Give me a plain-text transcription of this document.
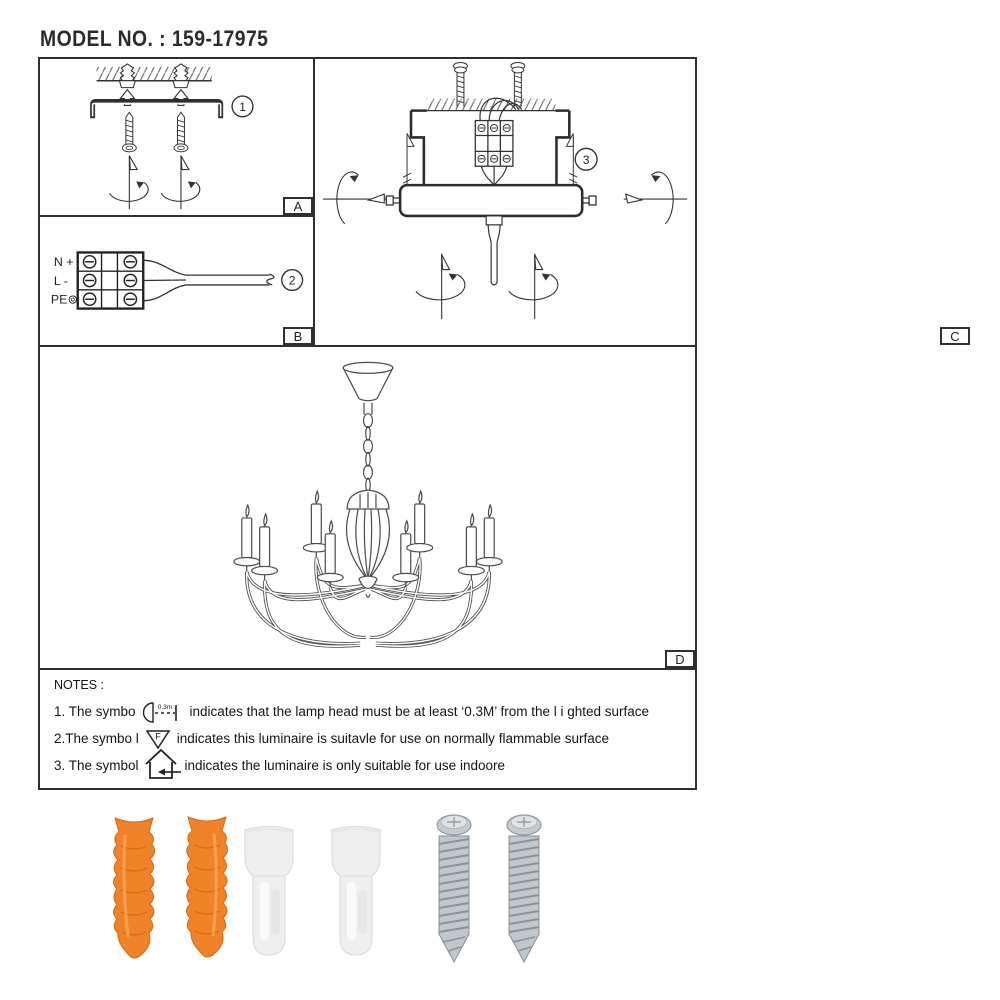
MODEL NO. : 159-17975
1
A
N +
L -
PE⊚
2
B
3
C
D
NOTES :
1. The symbo	0.3m indicates that the lamp head must be at least ‘0.3M’ from the l i ghted surface
2.The symbo l F indicates this luminaire is suitavle for use on normally flammable surface
3. The symbol	indicates the luminaire is only suitable for use indoore
